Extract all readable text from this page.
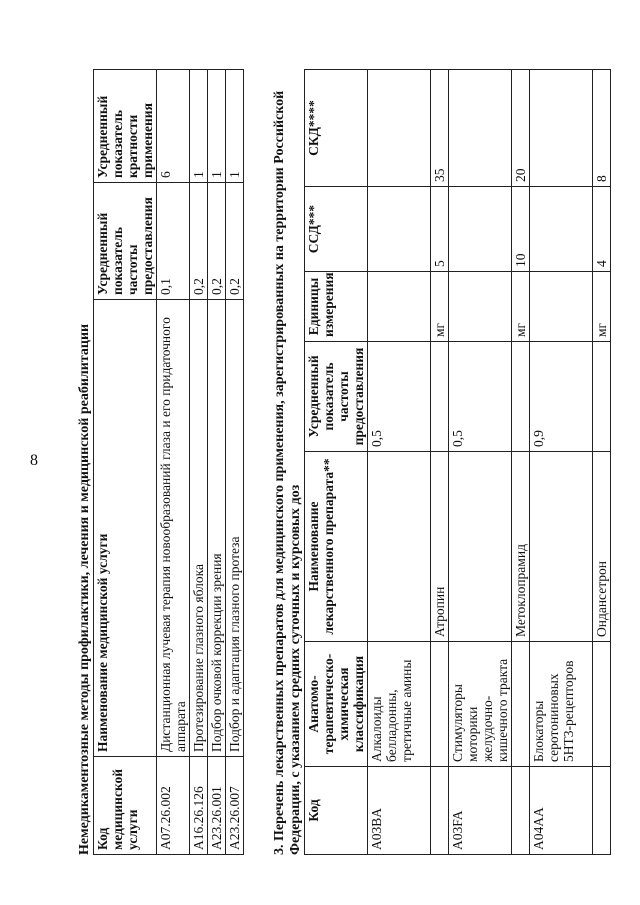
8	Немедикаментозные методы профилактики, лечения и медицинской реабилитации Код медицинской услуги	Наименование медицинской услуги	Усредненный показатель частоты предоставления	Усредненный показатель кратности применения
A07.26.002	Дистанционная лучевая терапия новообразований глаза и его придаточного аппарата	0,1	6
A16.26.126	Протезирование глазного яблока	0,2	1
A23.26.001	Подбор очковой коррекции зрения	0,2	1
A23.26.007	Подбор и адаптация глазного протеза	0,2	1 3. Перечень лекарственных препаратов для медицинского применения, зарегистрированных на территории Российской Федерации, с указанием средних суточных и курсовых доз Код	Анатомо-терапевтическо-химическая классификация	Наименование лекарственного препарата**	Усредненный показатель частоты предоставления	Единицы измерения	ССД***	СКД****
A03BA	Алкалоиды белладонны, третичные амины		0,5			
		Атропин		мг	5	35
A03FA	Стимуляторы моторики желудочно-кишечного тракта		0,5			
		Метоклопрамид		мг	10	20
A04AA	Блокаторы серотониновых 5HT3-рецепторов		0,9			
		Ондансетрон		мг	4	8
